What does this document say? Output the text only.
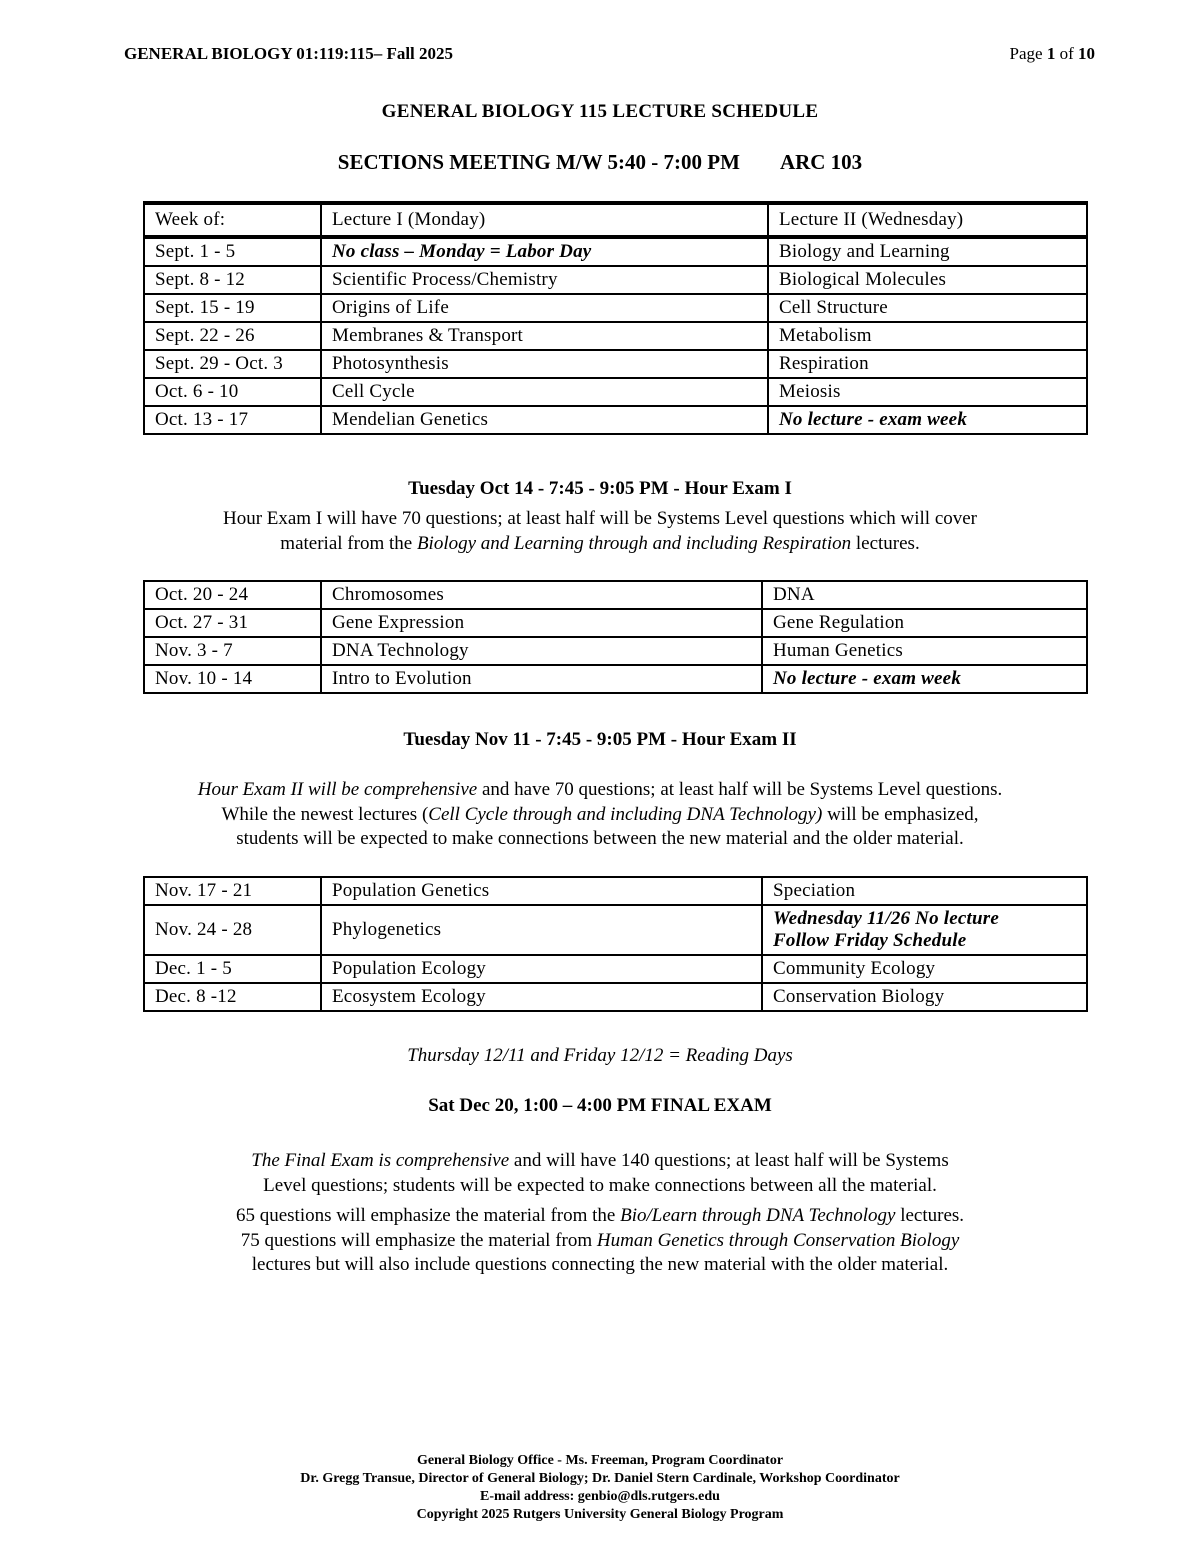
GENERAL BIOLOGY 01:119:115– Fall 2025	Page 1 of 10
GENERAL BIOLOGY 115 LECTURE SCHEDULE
SECTIONS MEETING M/W 5:40 - 7:00 PM ARC 103
Week of:	Lecture I (Monday)	Lecture II (Wednesday)
Sept. 1 - 5	No class – Monday = Labor Day	Biology and Learning
Sept. 8 - 12	Scientific Process/Chemistry	Biological Molecules
Sept. 15 - 19	Origins of Life	Cell Structure
Sept. 22 - 26	Membranes & Transport	Metabolism
Sept. 29 - Oct. 3	Photosynthesis	Respiration
Oct. 6 - 10	Cell Cycle	Meiosis
Oct. 13 - 17	Mendelian Genetics	No lecture - exam week
Tuesday Oct 14 - 7:45 - 9:05 PM - Hour Exam I
Hour Exam I will have 70 questions; at least half will be Systems Level questions which will cover
material from the Biology and Learning through and including Respiration lectures.
Oct. 20 - 24	Chromosomes	DNA
Oct. 27 - 31	Gene Expression	Gene Regulation
Nov. 3 - 7	DNA Technology	Human Genetics
Nov. 10 - 14	Intro to Evolution	No lecture - exam week
Tuesday Nov 11 - 7:45 - 9:05 PM - Hour Exam II
Hour Exam II will be comprehensive and have 70 questions; at least half will be Systems Level questions.
While the newest lectures (Cell Cycle through and including DNA Technology) will be emphasized,
students will be expected to make connections between the new material and the older material.
Nov. 17 - 21	Population Genetics	Speciation
Nov. 24 - 28	Phylogenetics	Wednesday 11/26 No lecture
Follow Friday Schedule

Dec. 1 - 5	Population Ecology	Community Ecology
Dec. 8 -12	Ecosystem Ecology	Conservation Biology
Thursday 12/11 and Friday 12/12 = Reading Days
Sat Dec 20, 1:00 – 4:00 PM FINAL EXAM
The Final Exam is comprehensive and will have 140 questions; at least half will be Systems
Level questions; students will be expected to make connections between all the material.
65 questions will emphasize the material from the Bio/Learn through DNA Technology lectures.
75 questions will emphasize the material from Human Genetics through Conservation Biology
lectures but will also include questions connecting the new material with the older material.
General Biology Office - Ms. Freeman, Program Coordinator
Dr. Gregg Transue, Director of General Biology; Dr. Daniel Stern Cardinale, Workshop Coordinator
E-mail address: genbio@dls.rutgers.edu
Copyright 2025 Rutgers University General Biology Program
